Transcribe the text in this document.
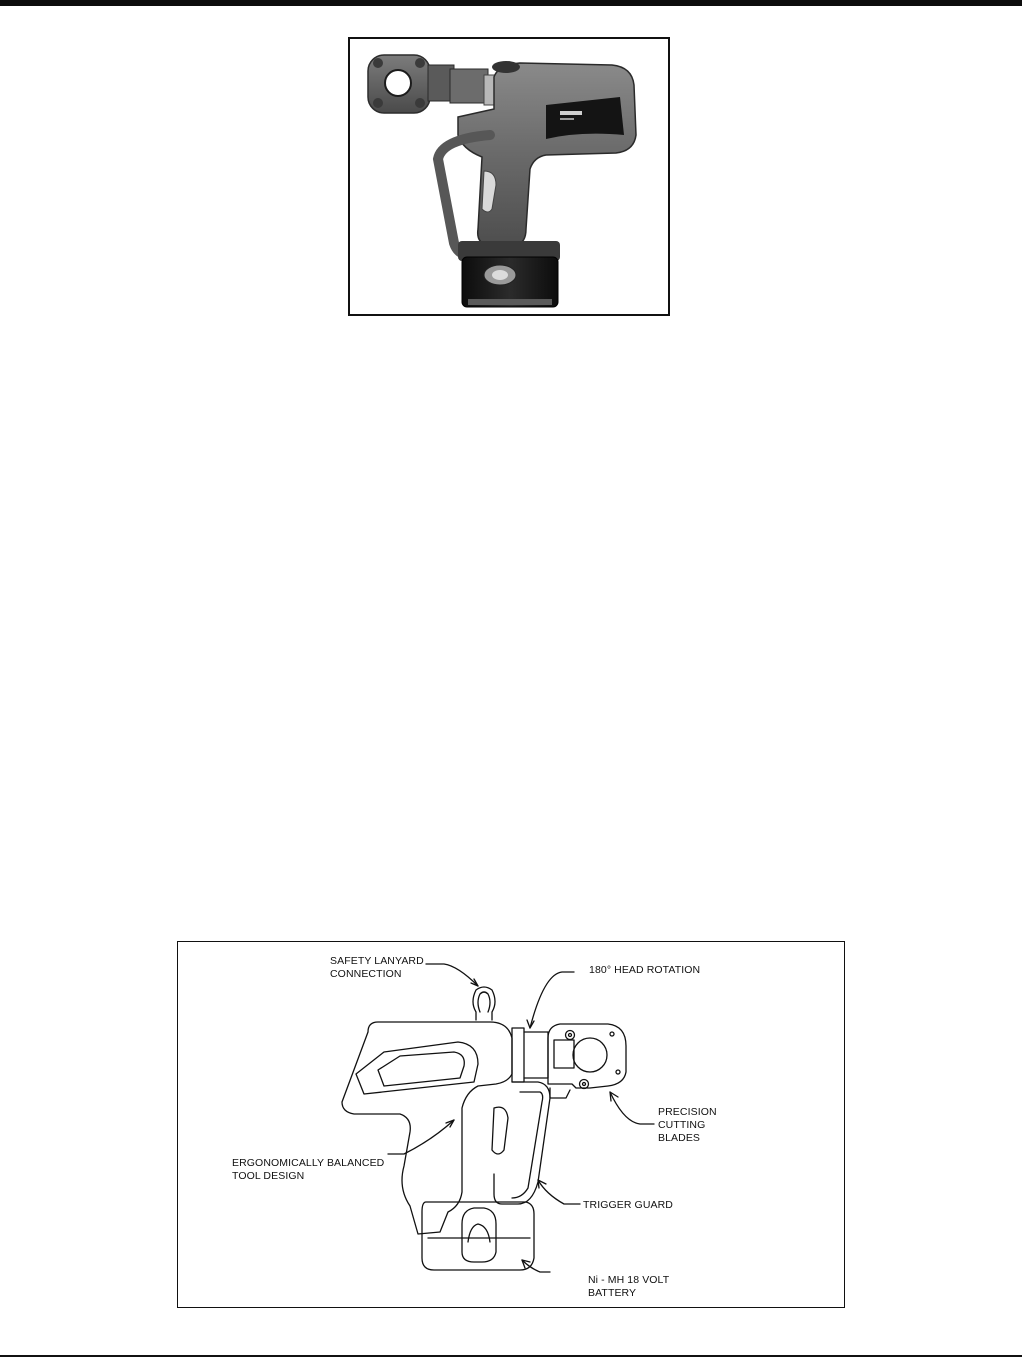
SAFETY LANYARD
CONNECTION	180° HEAD ROTATION
PRECISION
CUTTING
BLADES
ERGONOMICALLY BALANCED
TOOL DESIGN
TRIGGER GUARD
Ni - MH 18 VOLT
BATTERY
